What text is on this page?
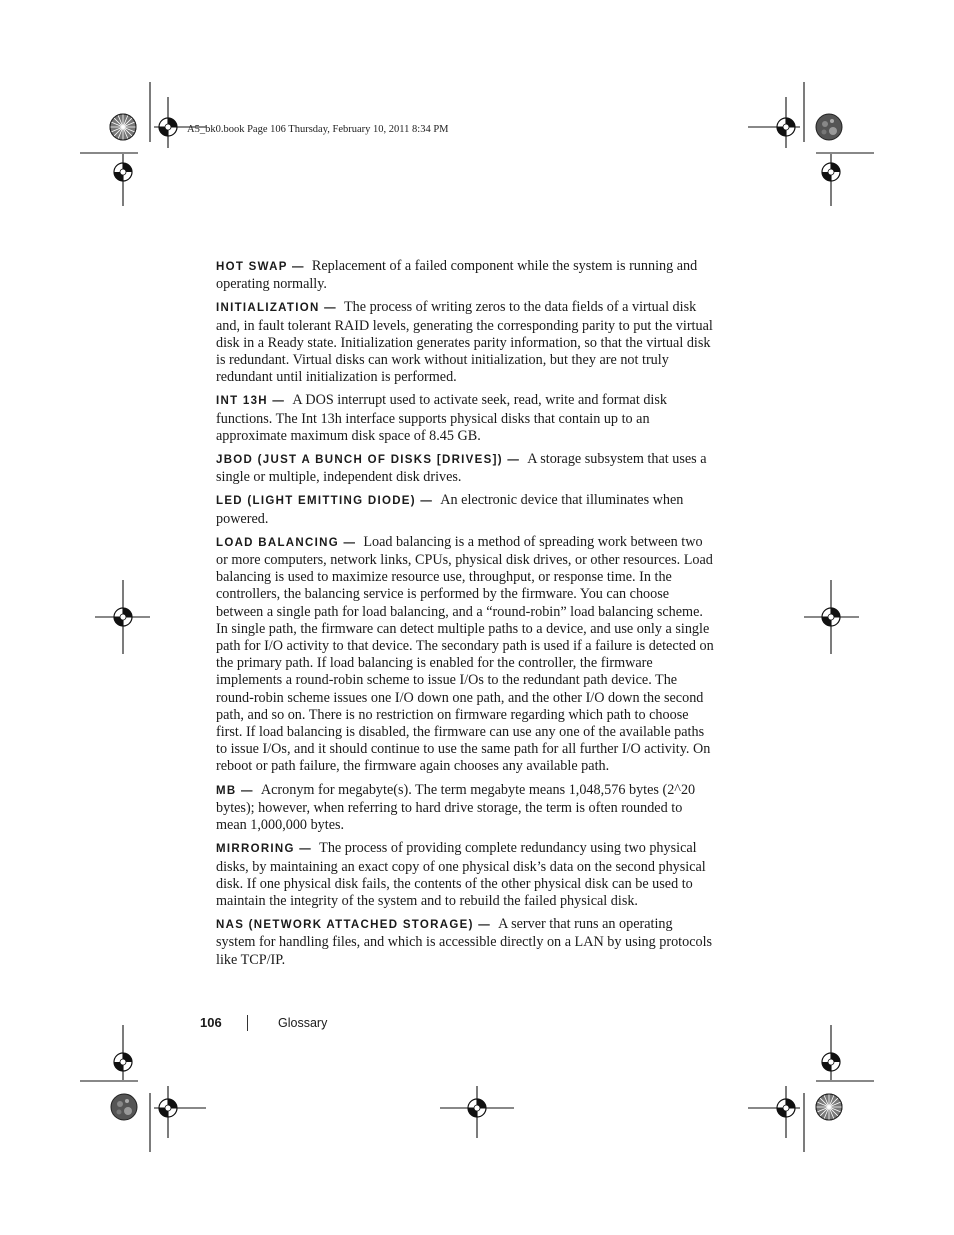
A5_bk0.book Page 106 Thursday, February 10, 2011 8:34 PM

HOT SWAP — Replacement of a failed component while the system is running and operating normally.

INITIALIZATION — The process of writing zeros to the data fields of a virtual disk and, in fault tolerant RAID levels, generating the corresponding parity to put the virtual disk in a Ready state. Initialization generates parity information, so that the virtual disk is redundant. Virtual disks can work without initialization, but they are not truly redundant until initialization is performed.

INT 13H — A DOS interrupt used to activate seek, read, write and format disk functions. The Int 13h interface supports physical disks that contain up to an approximate maximum disk space of 8.45 GB.

JBOD (JUST A BUNCH OF DISKS [DRIVES]) — A storage subsystem that uses a single or multiple, independent disk drives.

LED (LIGHT EMITTING DIODE) — An electronic device that illuminates when powered.

LOAD BALANCING — Load balancing is a method of spreading work between two or more computers, network links, CPUs, physical disk drives, or other resources. Load balancing is used to maximize resource use, throughput, or response time. In the controllers, the balancing service is performed by the firmware. You can choose between a single path for load balancing, and a “round-robin” load balancing scheme. In single path, the firmware can detect multiple paths to a device, and use only a single path for I/O activity to that device. The secondary path is used if a failure is detected on the primary path. If load balancing is enabled for the controller, the firmware implements a round-robin scheme to issue I/Os to the redundant path device. The round-robin scheme issues one I/O down one path, and the other I/O down the second path, and so on. There is no restriction on firmware regarding which path to choose first. If load balancing is disabled, the firmware can use any one of the available paths to issue I/Os, and it should continue to use the same path for all further I/O activity. On reboot or path failure, the firmware again chooses any available path.

MB — Acronym for megabyte(s). The term megabyte means 1,048,576 bytes (2^20 bytes); however, when referring to hard drive storage, the term is often rounded to mean 1,000,000 bytes.

MIRRORING — The process of providing complete redundancy using two physical disks, by maintaining an exact copy of one physical disk’s data on the second physical disk. If one physical disk fails, the contents of the other physical disk can be used to maintain the integrity of the system and to rebuild the failed physical disk.

NAS (NETWORK ATTACHED STORAGE) — A server that runs an operating system for handling files, and which is accessible directly on a LAN by using protocols like TCP/IP.

106	Glossary
